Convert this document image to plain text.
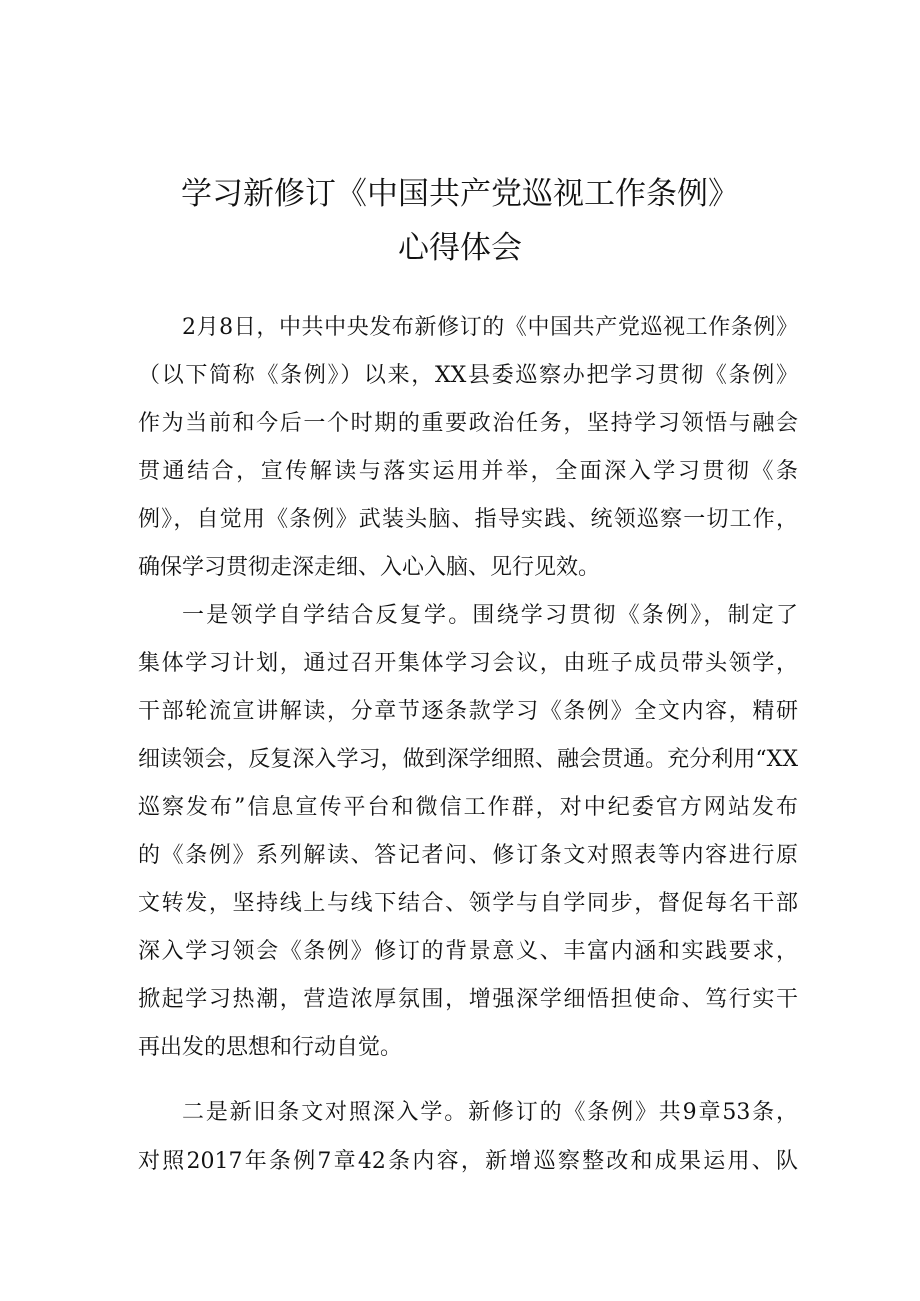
学习新修订《中国共产党巡视工作条例》
心得体会
2月8日，中共中央发布新修订的《中国共产党巡视工作条例》
（以下简称《条例》）以来，XX县委巡察办把学习贯彻《条例》
作为当前和今后一个时期的重要政治任务，坚持学习领悟与融会
贯通结合，宣传解读与落实运用并举，全面深入学习贯彻《条
例》，自觉用《条例》武装头脑、指导实践、统领巡察一切工作，
确保学习贯彻走深走细、入心入脑、见行见效。
一是领学自学结合反复学。围绕学习贯彻《条例》，制定了
集体学习计划，通过召开集体学习会议，由班子成员带头领学，
干部轮流宣讲解读，分章节逐条款学习《条例》全文内容，精研
细读领会，反复深入学习，做到深学细照、融会贯通。充分利用“XX
巡察发布”信息宣传平台和微信工作群，对中纪委官方网站发布
的《条例》系列解读、答记者问、修订条文对照表等内容进行原
文转发，坚持线上与线下结合、领学与自学同步，督促每名干部
深入学习领会《条例》修订的背景意义、丰富内涵和实践要求，
掀起学习热潮，营造浓厚氛围，增强深学细悟担使命、笃行实干
再出发的思想和行动自觉。
二是新旧条文对照深入学。新修订的《条例》共9章53条，
对照2017年条例7章42条内容，新增巡察整改和成果运用、队
